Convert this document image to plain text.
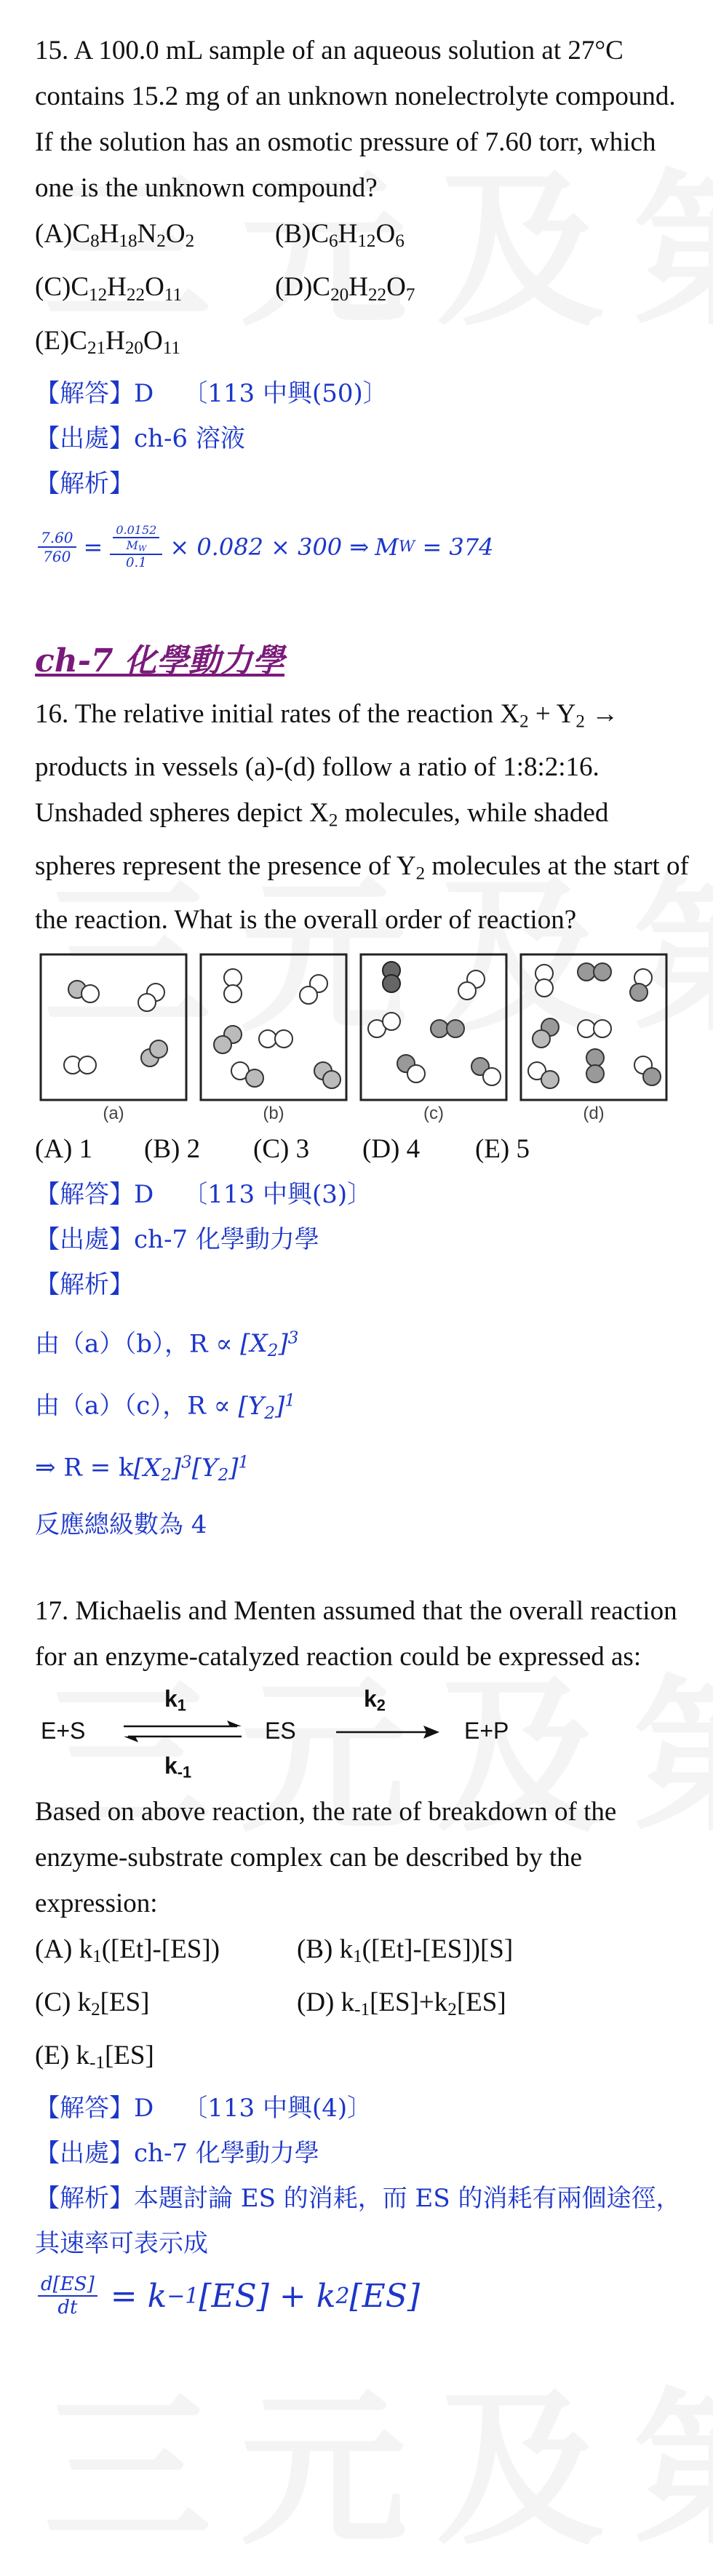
15. A 100.0 mL sample of an aqueous solution at 27°C contains 15.2 mg of an unknown nonelectrolyte compound. If the solution has an osmotic pressure of 7.60 torr, which one is the unknown compound?

(A)C8H18N2O2	(B)C6H12O6
(C)C12H22O11	(D)C20H22O7
(E)C21H20O11
【解答】D 〔113 中興(50)〕
【出處】ch-6 溶液
【解析】
$\frac{7.60}{760} = \frac{\frac{0.0152}{M_W}}{0.1} \times 0.082 \times 300$ ⇒ M W = 374
ch-7 化學動力學

16. The relative initial rates of the reaction $X_2 + Y_2$ → products in vessels (a)-(d) follow a ratio of 1:8:2:16. Unshaded spheres depict $X_2$ molecules, while shaded spheres represent the presence of $Y_2$ molecules at the start of the reaction. What is the overall order of reaction?

(a)	(b)	(c)	(d)
(A) 1	(B) 2	(C) 3	(D) 4	(E) 5
【解答】D 〔113 中興(3)〕
【出處】ch-7 化學動力學
【解析】
由（a）（b），$R \propto [X_2]^3$
由（a）（c），$R \propto [Y_2]^1$
⇒ $R = k[X_2]^3[Y_2]^1$
反應總級數為 4

17. Michaelis and Menten assumed that the overall reaction for an enzyme-catalyzed reaction could be expressed as:

E+S
$k_1$
$k_{-1}$
ES
$k_2$
E+P

Based on above reaction, the rate of breakdown of the enzyme-substrate complex can be described by the expression:

(A) k1([Et]-[ES])	(B) k1([Et]-[ES])[S]
(C) k2[ES]	(D) k-1[ES]+k2[ES]
(E) k-1[ES]
【解答】D 〔113 中興(4)〕
【出處】ch-7 化學動力學
【解析】本題討論 ES 的消耗，而 ES 的消耗有兩個途徑，其速率可表示成
$\frac{d[ES]}{dt} = k -1$ [ES] + k 2 [ES]
